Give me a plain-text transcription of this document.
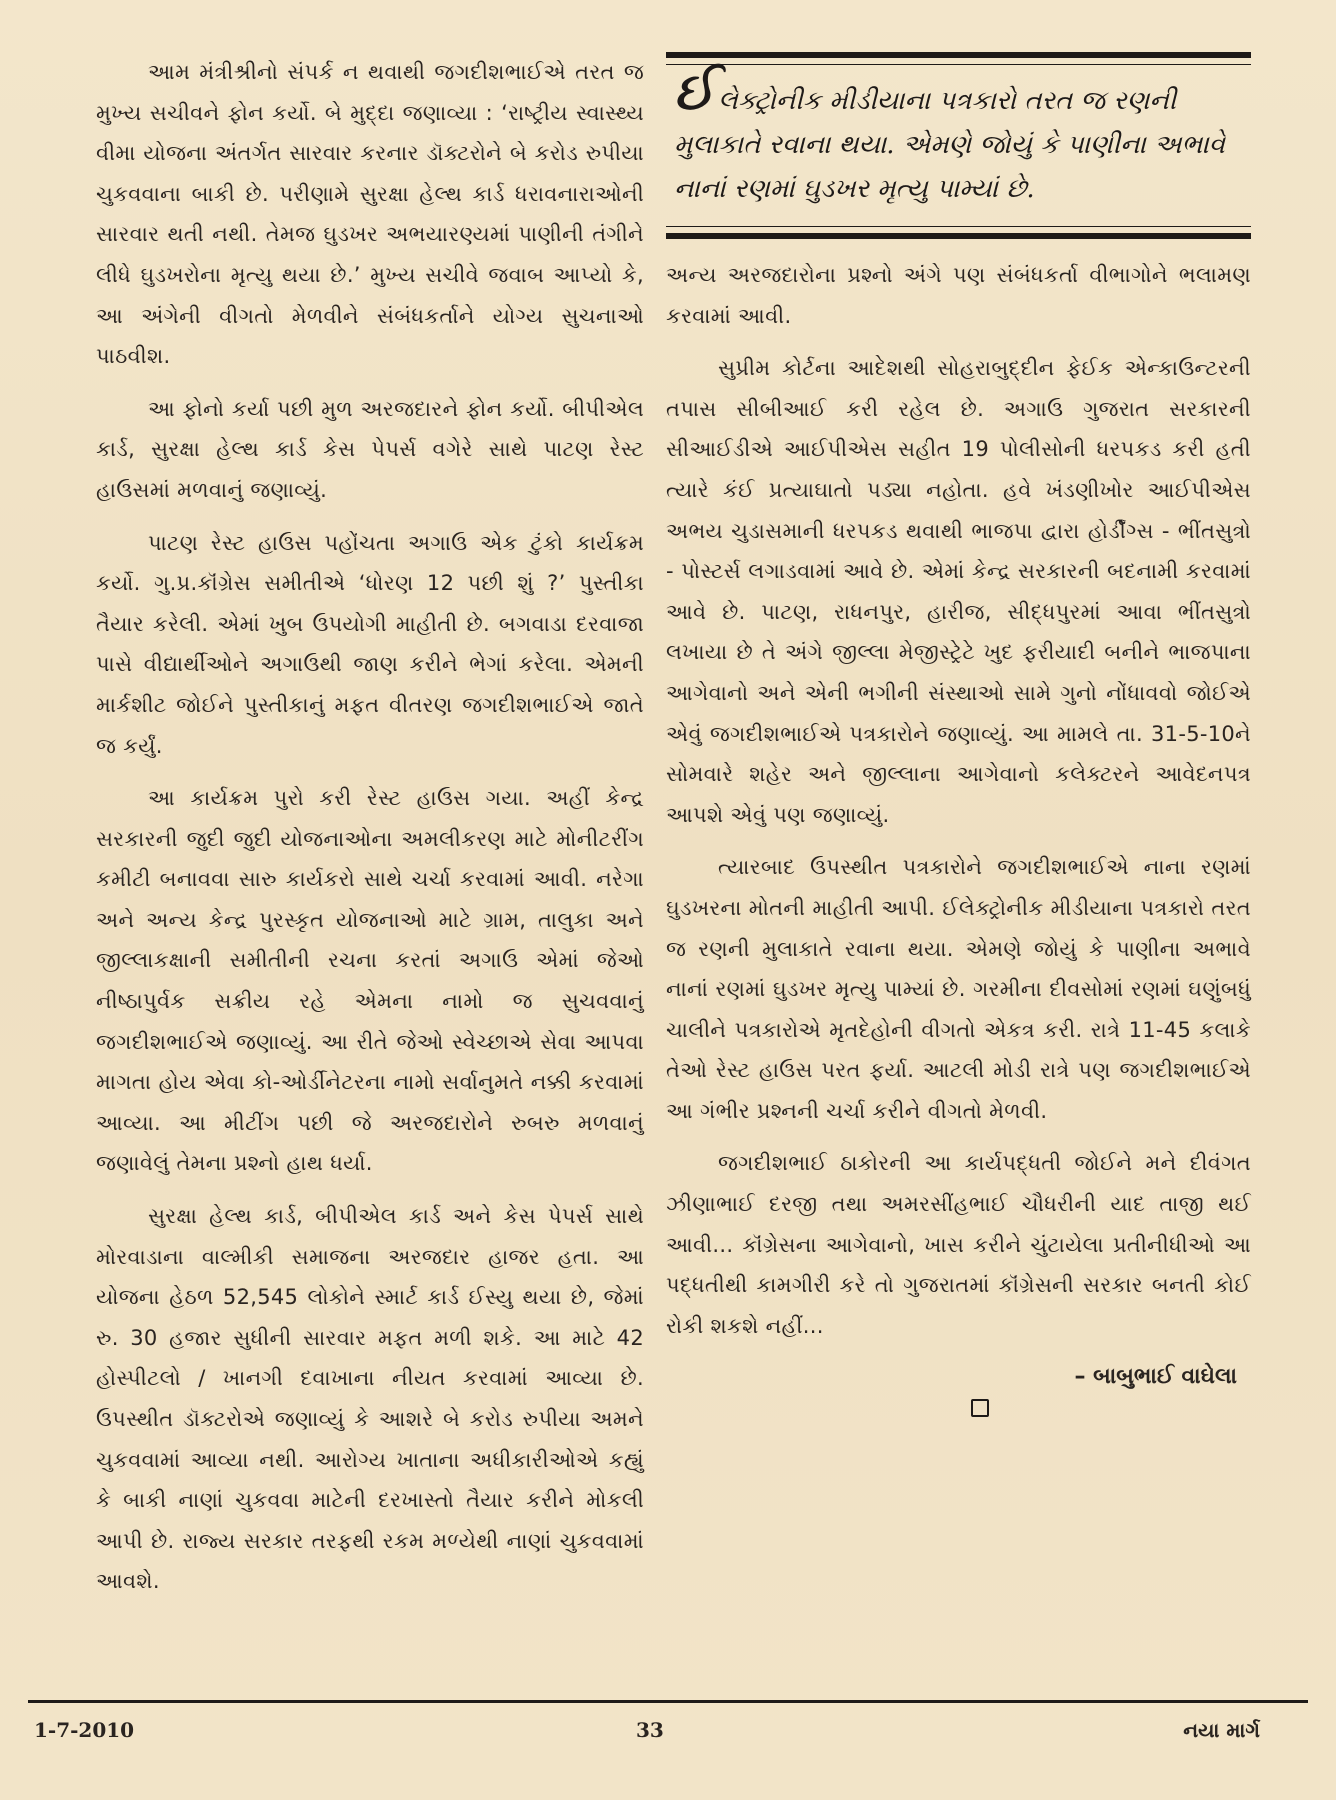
આમ મંત્રીશ્રીનો સંપર્ક ન થવાથી જગદીશભાઈએ તરત જ મુખ્ય સચીવને ફોન કર્યો. બે મુદ્દા જણાવ્યા : ‘રાષ્ટ્રીય સ્વાસ્થ્ય વીમા યોજના અંતર્ગત સારવાર કરનાર ડૉક્ટરોને બે કરોડ રુપીયા ચુકવવાના બાકી છે. પરીણામે સુરક્ષા હેલ્થ કાર્ડ ધરાવનારાઓની સારવાર થતી નથી. તેમજ ઘુડખર અભયારણ્યમાં પાણીની તંગીને લીધે ઘુડખરોના મૃત્યુ થયા છે.’ મુખ્ય સચીવે જવાબ આપ્યો કે, આ અંગેની વીગતો મેળવીને સંબંધકર્તાને યોગ્ય સુચનાઓ પાઠવીશ.

આ ફોનો કર્યા પછી મુળ અરજદારને ફોન કર્યો. બીપીએલ કાર્ડ, સુરક્ષા હેલ્થ કાર્ડ કેસ પેપર્સ વગેરે સાથે પાટણ રેસ્ટ હાઉસમાં મળવાનું જણાવ્યું.

પાટણ રેસ્ટ હાઉસ પહોંચતા અગાઉ એક ટુંકો કાર્યક્રમ કર્યો. ગુ.પ્ર.કૉંગ્રેસ સમીતીએ ‘ધોરણ 12 પછી શું ?’ પુસ્તીકા તૈયાર કરેલી. એમાં ખુબ ઉપયોગી માહીતી છે. બગવાડા દરવાજા પાસે વીદ્યાર્થીઓને અગાઉથી જાણ કરીને ભેગાં કરેલા. એમની માર્કશીટ જોઈને પુસ્તીકાનું મફત વીતરણ જગદીશભાઈએ જાતે જ કર્યું.

આ કાર્યક્રમ પુરો કરી રેસ્ટ હાઉસ ગયા. અહીં કેન્દ્ર સરકારની જુદી જુદી યોજનાઓના અમલીકરણ માટે મોનીટરીંગ કમીટી બનાવવા સારુ કાર્યકરો સાથે ચર્ચા કરવામાં આવી. નરેગા અને અન્ય કેન્દ્ર પુરસ્કૃત યોજનાઓ માટે ગ્રામ, તાલુકા અને જીલ્લાકક્ષાની સમીતીની રચના કરતાં અગાઉ એમાં જેઓ નીષ્ઠાપુર્વક સક્રીય રહે એમના નામો જ સુચવવાનું જગદીશભાઈએ જણાવ્યું. આ રીતે જેઓ સ્વેચ્છાએ સેવા આપવા માગતા હોય એવા કો-ઓર્ડીનેટરના નામો સર્વાનુમતે નક્કી કરવામાં આવ્યા. આ મીટીંગ પછી જે અરજદારોને રુબરુ મળવાનું જણાવેલું તેમના પ્રશ્નો હાથ ધર્યા.

સુરક્ષા હેલ્થ કાર્ડ, બીપીએલ કાર્ડ અને કેસ પેપર્સ સાથે મોરવાડાના વાલ્મીકી સમાજના અરજદાર હાજર હતા. આ યોજના હેઠળ 52,545 લોકોને સ્માર્ટ કાર્ડ ઈસ્યુ થયા છે, જેમાં રુ. 30 હજાર સુધીની સારવાર મફત મળી શકે. આ માટે 42 હોસ્પીટલો / ખાનગી દવાખાના નીયત કરવામાં આવ્યા છે. ઉપસ્થીત ડૉક્ટરોએ જણાવ્યું કે આશરે બે કરોડ રુપીયા અમને ચુકવવામાં આવ્યા નથી. આરોગ્ય ખાતાના અધીકારીઓએ કહ્યું કે બાકી નાણાં ચુકવવા માટેની દરખાસ્તો તૈયાર કરીને મોકલી આપી છે. રાજ્ય સરકાર તરફથી રકમ મળ્યેથી નાણાં ચુકવવામાં આવશે.

ઈલેક્ટ્રોનીક મીડીયાના પત્રકારો તરત જ રણની મુલાકાતે રવાના થયા. એમણે જોયું કે પાણીના અભાવે નાનાં રણમાં ઘુડખર મૃત્યુ પામ્યાં છે.

અન્ય અરજદારોના પ્રશ્નો અંગે પણ સંબંધકર્તા વીભાગોને ભલામણ કરવામાં આવી.

સુપ્રીમ કોર્ટના આદેશથી સોહરાબુદ્દીન ફેઈક એન્કાઉન્ટરની તપાસ સીબીઆઈ કરી રહેલ છે. અગાઉ ગુજરાત સરકારની સીઆઈડીએ આઈપીએસ સહીત 19 પોલીસોની ધરપકડ કરી હતી ત્યારે કંઈ પ્રત્યાઘાતો પડ્યા નહોતા. હવે ખંડણીખોર આઈપીએસ અભય ચુડાસમાની ધરપકડ થવાથી ભાજપા દ્વારા હોર્ડીંગ્સ - ભીંતસુત્રો - પોસ્ટર્સ લગાડવામાં આવે છે. એમાં કેન્દ્ર સરકારની બદનામી કરવામાં આવે છે. પાટણ, રાધનપુર, હારીજ, સીદ્ધપુરમાં આવા ભીંતસુત્રો લખાયા છે તે અંગે જીલ્લા મેજીસ્ટ્રેટે ખુદ ફરીયાદી બનીને ભાજપાના આગેવાનો અને એની ભગીની સંસ્થાઓ સામે ગુનો નોંધાવવો જોઈએ એવું જગદીશભાઈએ પત્રકારોને જણાવ્યું. આ મામલે તા. 31-5-10ને સોમવારે શહેર અને જીલ્લાના આગેવાનો કલેક્ટરને આવેદનપત્ર આપશે એવું પણ જણાવ્યું.

ત્યારબાદ ઉપસ્થીત પત્રકારોને જગદીશભાઈએ નાના રણમાં ઘુડખરના મોતની માહીતી આપી. ઈલેક્ટ્રોનીક મીડીયાના પત્રકારો તરત જ રણની મુલાકાતે રવાના થયા. એમણે જોયું કે પાણીના અભાવે નાનાં રણમાં ઘુડખર મૃત્યુ પામ્યાં છે. ગરમીના દીવસોમાં રણમાં ઘણુંબધું ચાલીને પત્રકારોએ મૃતદેહોની વીગતો એકત્ર કરી. રાત્રે 11-45 કલાકે તેઓ રેસ્ટ હાઉસ પરત ફર્યા. આટલી મોડી રાત્રે પણ જગદીશભાઈએ આ ગંભીર પ્રશ્નની ચર્ચા કરીને વીગતો મેળવી.

જગદીશભાઈ ઠાકોરની આ કાર્યપદ્ધતી જોઈને મને દીવંગત ઝીણાભાઈ દરજી તથા અમરસીંહભાઈ ચૌધરીની યાદ તાજી થઈ આવી... કૉંગ્રેસના આગેવાનો, ખાસ કરીને ચુંટાયેલા પ્રતીનીધીઓ આ પદ્ધતીથી કામગીરી કરે તો ગુજરાતમાં કૉંગ્રેસની સરકાર બનતી કોઈ રોકી શકશે નહીં...

– બાબુભાઈ વાઘેલા
1-7-2010	33	નયા માર્ગ
